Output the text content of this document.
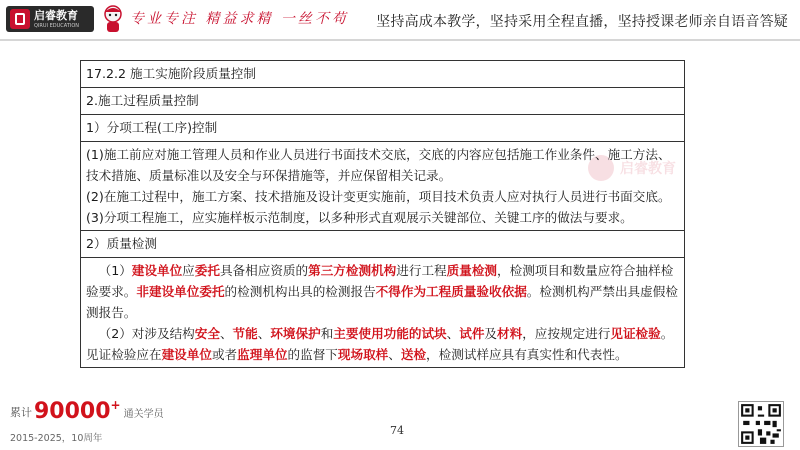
启睿教育
QIRUI EDUCATION	专业专注 精益求精 一丝不苟 坚持高成本教学，坚持采用全程直播，坚持授课老师亲自语音答疑
启睿教育
17.2.2 施工实施阶段质量控制
2.施工过程质量控制
1）分项工程(工序)控制

(1)施工前应对施工管理人员和作业人员进行书面技术交底，交底的内容应包括施工作业条件、施工方法、
技术措施、质量标准以及安全与环保措施等，并应保留相关记录。

(2)在施工过程中，施工方案、技术措施及设计变更实施前，项目技术负责人应对执行人员进行书面交底。

(3)分项工程施工，应实施样板示范制度，以多种形式直观展示关键部位、关键工序的做法与要求。

2）质量检测

（1）建设单位应委托具备相应资质的第三方检测机构进行工程质量检测，检测项目和数量应符合抽样检验要求。非建设单位委托的检测机构出具的检测报告不得作为工程质量验收依据。检测机构严禁出具虚假检测报告。

（2）对涉及结构安全、节能、环境保护和主要使用功能的试块、试件及材料，应按规定进行见证检验。见证检验应在建设单位或者监理单位的监督下现场取样、送检，检测试样应具有真实性和代表性。

累计 90000 +
通关学员
2015-2025，10周年
74
